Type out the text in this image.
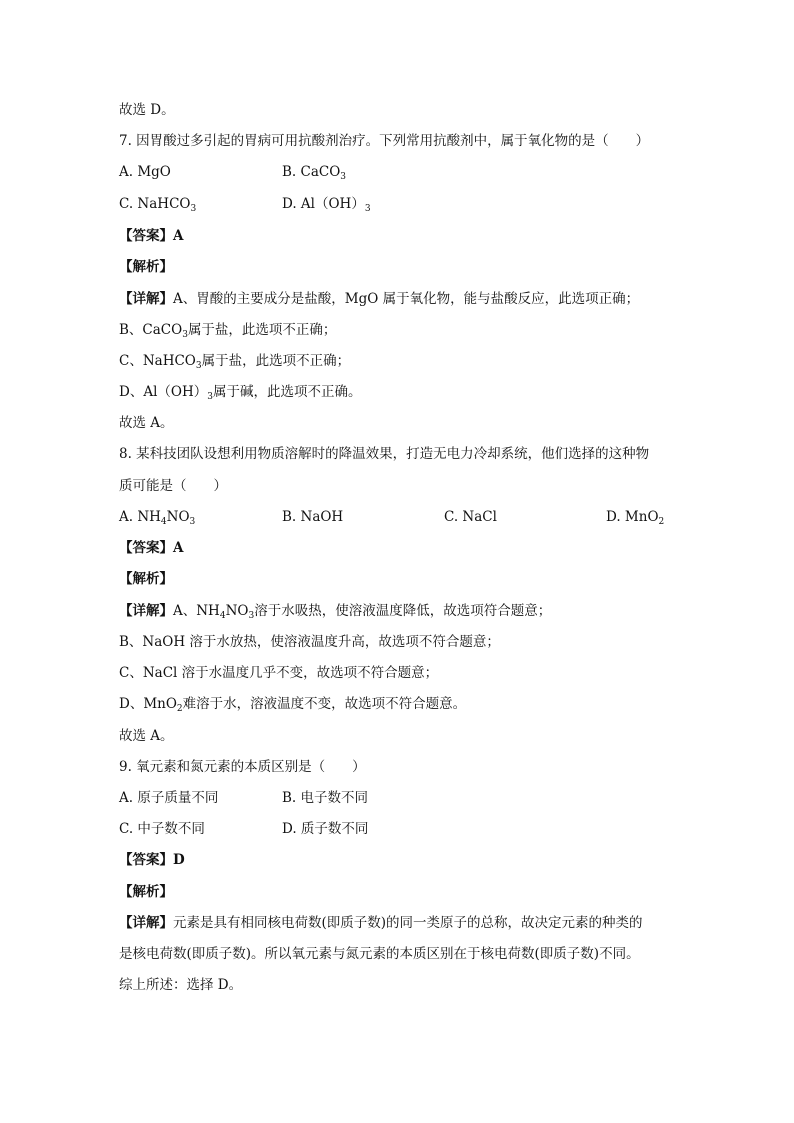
故选 D。
7. 因胃酸过多引起的胃病可用抗酸剂治疗。下列常用抗酸剂中，属于氧化物的是（　　）
A. MgO	B. CaCO$_3$
C. NaHCO$_3$	D. $Al(OH)_3$
【答案】A
【解析】
【详解】A、胃酸的主要成分是盐酸，MgO 属于氧化物，能与盐酸反应，此选项正确；
B、CaCO$_3$属于盐，此选项不正确；
C、NaHCO$_3$属于盐，此选项不正确；
D、$Al(OH)_3$属于碱，此选项不正确。
故选 A。
8. 某科技团队设想利用物质溶解时的降温效果，打造无电力冷却系统，他们选择的这种物
质可能是（　　）
A. $NH_4NO_3$	B. NaOH	C. NaCl	D. MnO$_2$
【答案】A
【解析】
【详解】A、$NH_4NO_3$溶于水吸热，使溶液温度降低，故选项符合题意；
B、NaOH 溶于水放热，使溶液温度升高，故选项不符合题意；
C、NaCl 溶于水温度几乎不变，故选项不符合题意；
D、MnO$_2$难溶于水，溶液温度不变，故选项不符合题意。
故选 A。
9. 氧元素和氮元素的本质区别是（　　）
A. 原子质量不同	B. 电子数不同
C. 中子数不同	D. 质子数不同
【答案】D
【解析】
【详解】元素是具有相同核电荷数(即质子数)的同一类原子的总称，故决定元素的种类的
是核电荷数(即质子数)。所以氧元素与氮元素的本质区别在于核电荷数(即质子数)不同。
综上所述：选择 D。
